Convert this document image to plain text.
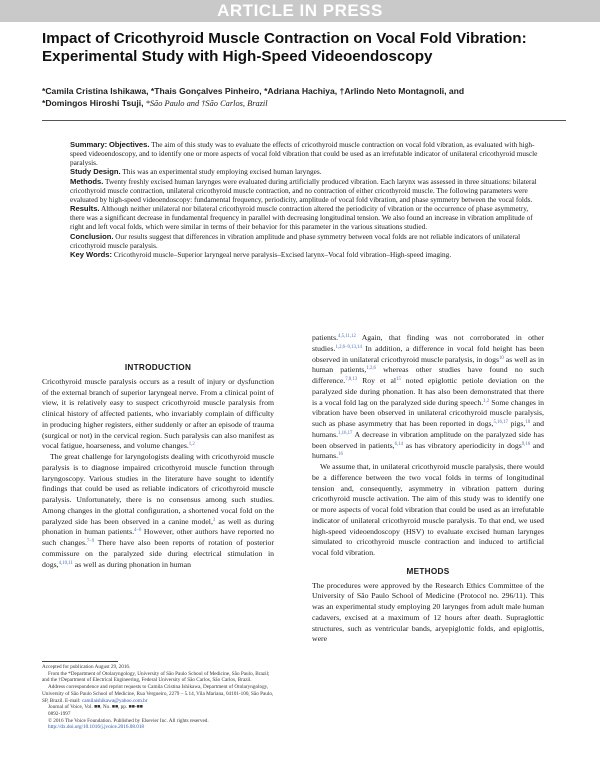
ARTICLE IN PRESS
Impact of Cricothyroid Muscle Contraction on Vocal Fold Vibration: Experimental Study with High-Speed Videoendoscopy
*Camila Cristina Ishikawa, *Thais Gonçalves Pinheiro, *Adriana Hachiya, †Arlindo Neto Montagnoli, and
*Domingos Hiroshi Tsuji, *São Paulo and †São Carlos, Brazil

Summary: Objectives. The aim of this study was to evaluate the effects of cricothyroid muscle contraction on vocal fold vibration, as evaluated with high-speed videoendoscopy, and to identify one or more aspects of vocal fold vibration that could be used as an irrefutable indicator of unilateral cricothyroid muscle paralysis.

Study Design. This was an experimental study employing excised human larynges.

Methods. Twenty freshly excised human larynges were evaluated during artificially produced vibration. Each larynx was assessed in three situations: bilateral cricothyroid muscle contraction, unilateral cricothyroid muscle contraction, and no contraction of either cricothyroid muscle. The following parameters were evaluated by high-speed videoendoscopy: fundamental frequency, periodicity, amplitude of vocal fold vibration, and phase symmetry between the vocal folds.

Results. Although neither unilateral nor bilateral cricothyroid muscle contraction altered the periodicity of vibration or the occurrence of phase asymmetry, there was a significant decrease in fundamental frequency in parallel with decreasing longitudinal tension. We also found an increase in vibration amplitude of right and left vocal folds, which were similar in terms of their behavior for this parameter in the various situations studied.

Conclusion. Our results suggest that differences in vibration amplitude and phase symmetry between vocal folds are not reliable indicators of unilateral cricothyroid muscle paralysis.

Key Words: Cricothyroid muscle–Superior laryngeal nerve paralysis–Excised larynx–Vocal fold vibration–High-speed imaging.

INTRODUCTION

Cricothyroid muscle paralysis occurs as a result of injury or dysfunction of the external branch of superior laryngeal nerve. From a clinical point of view, it is relatively easy to suspect cricothyroid muscle paralysis from clinical history of affected patients, who invariably complain of difficulty in producing higher registers, either suddenly or after an episode of trauma (surgical or not) in the cervical region. Such paralysis can also manifest as vocal fatigue, hoarseness, and volume changes.$^{1,2}$

The great challenge for laryngologists dealing with cricothyroid muscle paralysis is to diagnose impaired cricothyroid muscle function through laryngoscopy. Various studies in the literature have sought to identify findings that could be used as reliable indicators of cricothyroid muscle paralysis. Unfortunately, there is no consensus among such studies. Among changes in the glottal configuration, a shortened vocal fold on the paralyzed side has been observed in a canine model,$^3$ as well as during phonation in human patients.$^{4-6}$ However, other authors have reported no such changes.$^{7-9}$ There have also been reports of rotation of posterior commissure on the paralyzed side during electrical stimulation in dogs,$^{4,10,11}$ as well as during phonation in human

patients.$^{4,5,11,12}$ Again, that finding was not corroborated in other studies.$^{1,2,6-9,13,14}$ In addition, a difference in vocal fold height has been observed in unilateral cricothyroid muscle paralysis, in dogs$^{10}$ as well as in human patients,$^{1,2,6}$ whereas other studies have found no such difference.$^{7,8,13}$ Roy et al$^{15}$ noted epiglottic petiole deviation on the paralyzed side during phonation. It has also been demonstrated that there is a vocal fold lag on the paralyzed side during speech.$^{1,2}$ Some changes in vibration have been observed in unilateral cricothyroid muscle paralysis, such as phase asymmetry that has been reported in dogs,$^{5,16,17}$ pigs,$^{18}$ and humans.$^{1,16,17}$ A decrease in vibration amplitude on the paralyzed side has been observed in patients,$^{6,14}$ as has vibratory aperiodicity in dogs$^{9,16}$ and humans.$^{16}$

We assume that, in unilateral cricothyroid muscle paralysis, there would be a difference between the two vocal folds in terms of longitudinal tension and, consequently, asymmetry in vibration pattern during cricothyroid muscle activation. The aim of this study was to identify one or more aspects of vocal fold vibration that could be used as an irrefutable indicator of unilateral cricothyroid muscle paralysis. To that end, we used high-speed videoendoscopy (HSV) to evaluate excised human larynges simulated to cricothyroid muscle contraction and induced to artificial vocal fold vibration.

METHODS

The procedures were approved by the Research Ethics Committee of the University of São Paulo School of Medicine (Protocol no. 296/11). This was an experimental study employing 20 larynges from adult male human cadavers, excised at a maximum of 12 hours after death. Supraglottic structures, such as ventricular bands, aryepiglottic folds, and epiglottis, were

Accepted for publication August 29, 2016.
From the *Department of Otolaryngology, University of São Paulo School of Medicine, São Paulo, Brazil; and the †Department of Electrical Engineering, Federal University of São Carlos, São Carlos, Brazil.
Address correspondence and reprint requests to Camila Cristina Ishikawa, Department of Otolaryngology, University of São Paulo School of Medicine, Rua Vergueiro, 2279 – 5.14, Vila Mariana, 04101-100, São Paulo, SP, Brazil. E-mail: camilaishikawa@yahoo.com.br
Journal of Voice, Vol. ■■, No. ■■, pp. ■■-■■
0892-1997
© 2016 The Voice Foundation. Published by Elsevier Inc. All rights reserved.
http://dx.doi.org/10.1016/j.jvoice.2016.08.018
